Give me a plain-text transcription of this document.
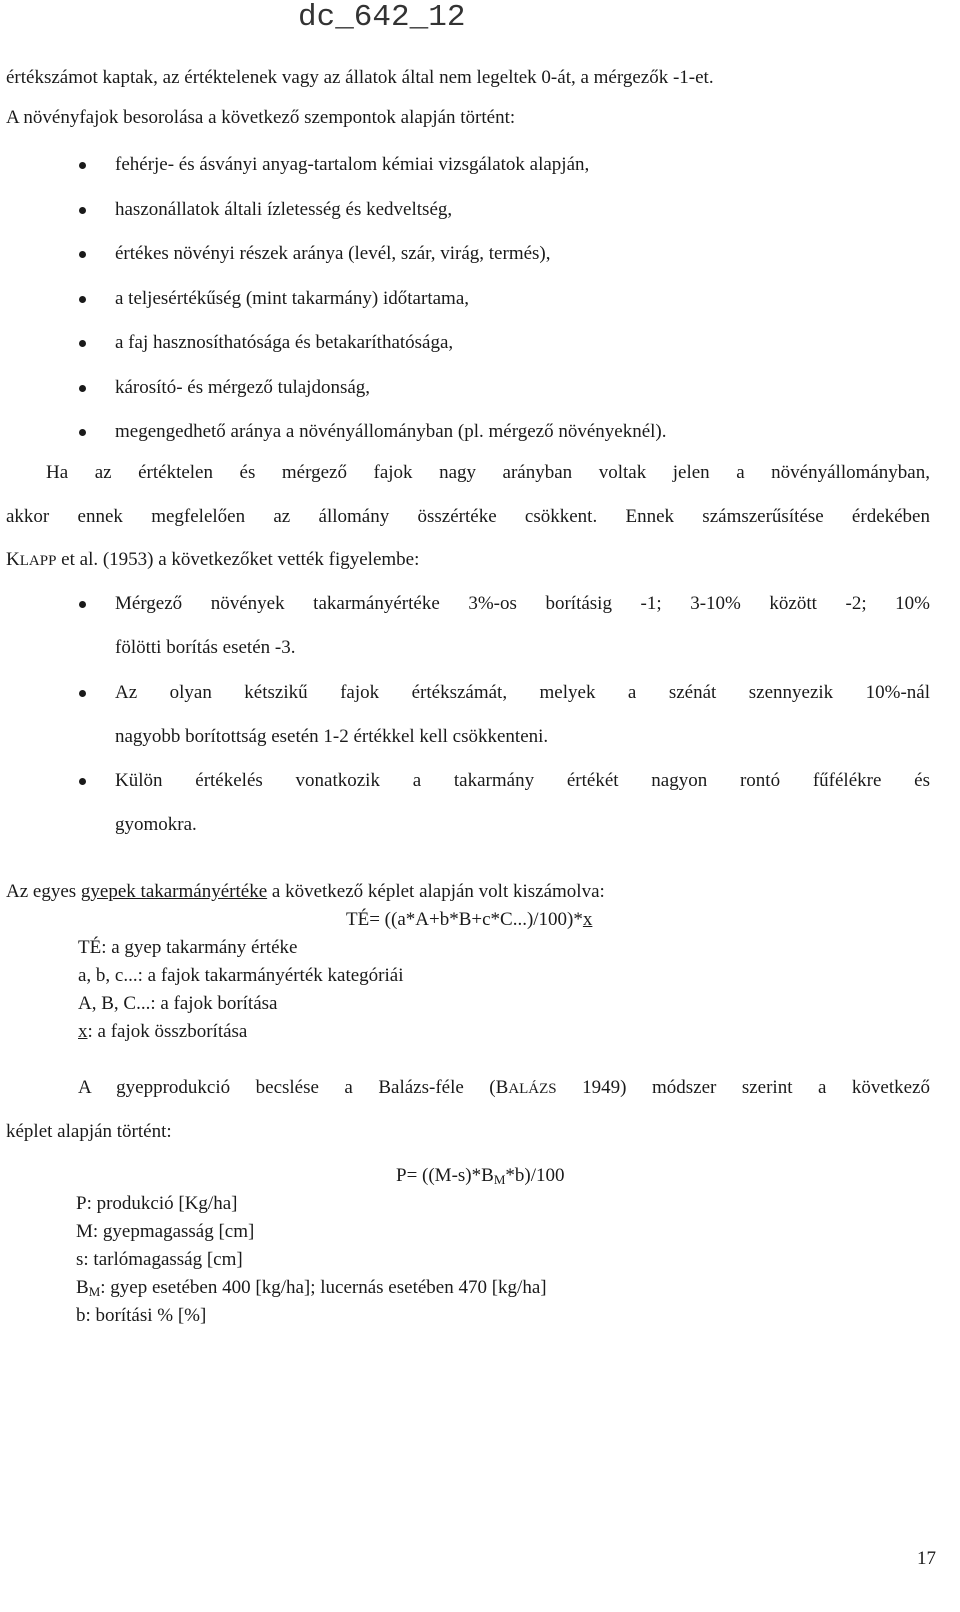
dc_642_12
értékszámot kaptak, az értéktelenek vagy az állatok által nem legeltek 0-át, a mérgezők -1-et.
A növényfajok besorolása a következő szempontok alapján történt:
fehérje- és ásványi anyag-tartalom kémiai vizsgálatok alapján,
haszonállatok általi ízletesség és kedveltség,
értékes növényi részek aránya (levél, szár, virág, termés),
a teljesértékűség (mint takarmány) időtartama,
a faj hasznosíthatósága és betakaríthatósága,
károsító- és mérgező tulajdonság,
megengedhető aránya a növényállományban (pl. mérgező növényeknél).
Ha az értéktelen és mérgező fajok nagy arányban voltak jelen a növényállományban,
akkor ennek megfelelően az állomány összértéke csökkent. Ennek számszerűsítése érdekében
KLAPP et al. (1953) a következőket vették figyelembe:
Mérgező növények takarmányértéke 3%-os borításig -1; 3-10% között -2; 10%
fölötti borítás esetén -3.
Az olyan kétszikű fajok értékszámát, melyek a szénát szennyezik 10%-nál
nagyobb borítottság esetén 1-2 értékkel kell csökkenteni.
Külön értékelés vonatkozik a takarmány értékét nagyon rontó fűfélékre és
gyomokra.
Az egyes gyepek takarmányértéke a következő képlet alapján volt kiszámolva:
TÉ= ((a*A+b*B+c*C...)/100)*x
TÉ: a gyep takarmány értéke
a, b, c...: a fajok takarmányérték kategóriái
A, B, C...: a fajok borítása
x: a fajok összborítása
A gyepprodukció becslése a Balázs-féle (BALÁZS 1949) módszer szerint a következő
képlet alapján történt:
$P= ((M-s)*B_M*b)/100$
P: produkció [Kg/ha]
M: gyepmagasság [cm]
s: tarlómagasság [cm]
$B_M$: gyep esetében 400 [kg/ha]; lucernás esetében 470 [kg/ha]
b: borítási % [%]
17
